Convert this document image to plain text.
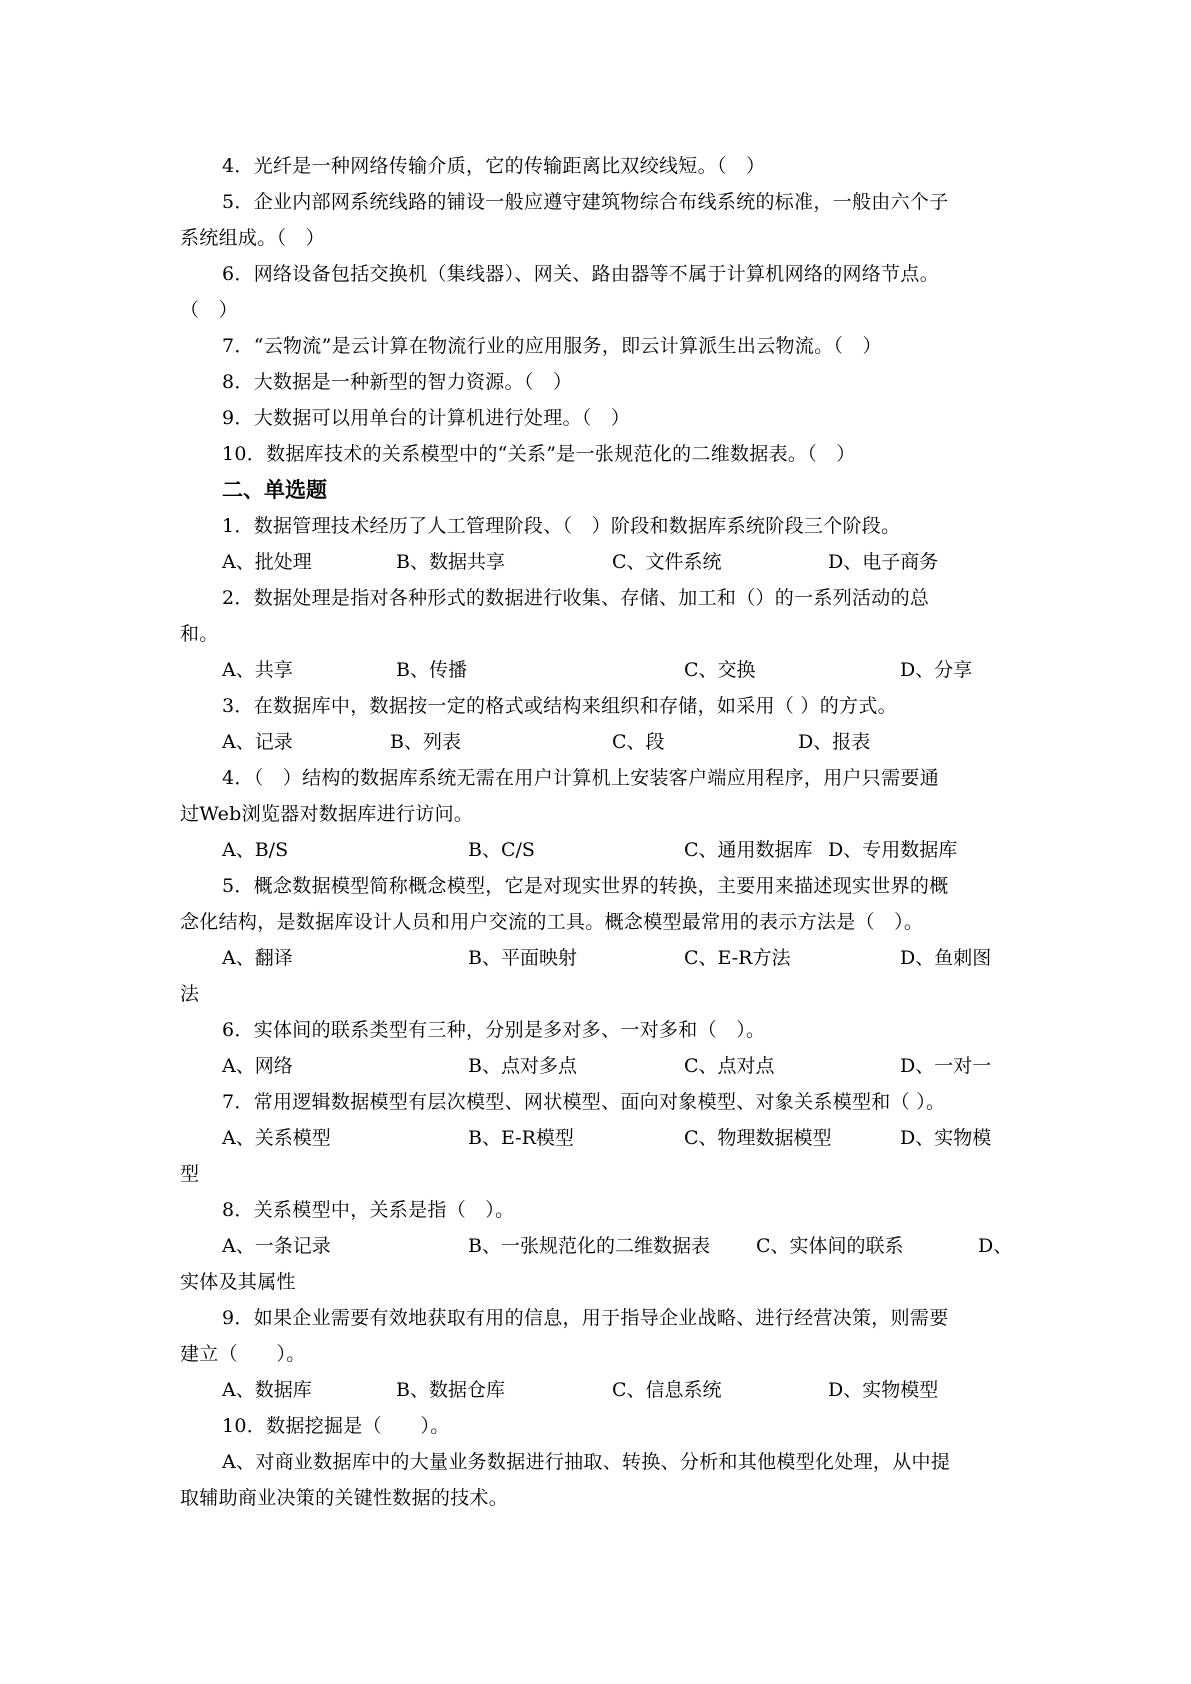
4．光纤是一种网络传输介质，它的传输距离比双绞线短。（　）
5．企业内部网系统线路的铺设一般应遵守建筑物综合布线系统的标准，一般由六个子
系统组成。（　）
6．网络设备包括交换机（集线器）、网关、路由器等不属于计算机网络的网络节点。
（　）
7．“云物流”是云计算在物流行业的应用服务，即云计算派生出云物流。（　）
8．大数据是一种新型的智力资源。（　）
9．大数据可以用单台的计算机进行处理。（　）
10．数据库技术的关系模型中的“关系”是一张规范化的二维数据表。（　）
二、单选题
1．数据管理技术经历了人工管理阶段、（　）阶段和数据库系统阶段三个阶段。
A、批处理	B、数据共享	C、文件系统	D、电子商务
2．数据处理是指对各种形式的数据进行收集、存储、加工和（）的一系列活动的总
和。
A、共享	B、传播	C、交换	D、分享
3．在数据库中，数据按一定的格式或结构来组织和存储，如采用（ ）的方式。
A、记录	B、列表	C、段	D、报表
4．（　）结构的数据库系统无需在用户计算机上安装客户端应用程序，用户只需要通
过Web浏览器对数据库进行访问。
A、B/S	B、C/S	C、通用数据库 D、专用数据库
5．概念数据模型简称概念模型，它是对现实世界的转换，主要用来描述现实世界的概
念化结构，是数据库设计人员和用户交流的工具。概念模型最常用的表示方法是（　）。
A、翻译	B、平面映射	C、E-R方法	D、鱼刺图
法
6．实体间的联系类型有三种，分别是多对多、一对多和（　）。
A、网络	B、点对多点	C、点对点	D、一对一
7．常用逻辑数据模型有层次模型、网状模型、面向对象模型、对象关系模型和（ ）。
A、关系模型	B、E-R模型	C、物理数据模型	D、实物模
型
8．关系模型中，关系是指（　）。
A、一条记录	B、一张规范化的二维数据表 C、实体间的联系	D、
实体及其属性
9．如果企业需要有效地获取有用的信息，用于指导企业战略、进行经营决策，则需要
建立（　　）。
A、数据库	B、数据仓库	C、信息系统	D、实物模型
10．数据挖掘是（　　）。
A、对商业数据库中的大量业务数据进行抽取、转换、分析和其他模型化处理，从中提
取辅助商业决策的关键性数据的技术。
